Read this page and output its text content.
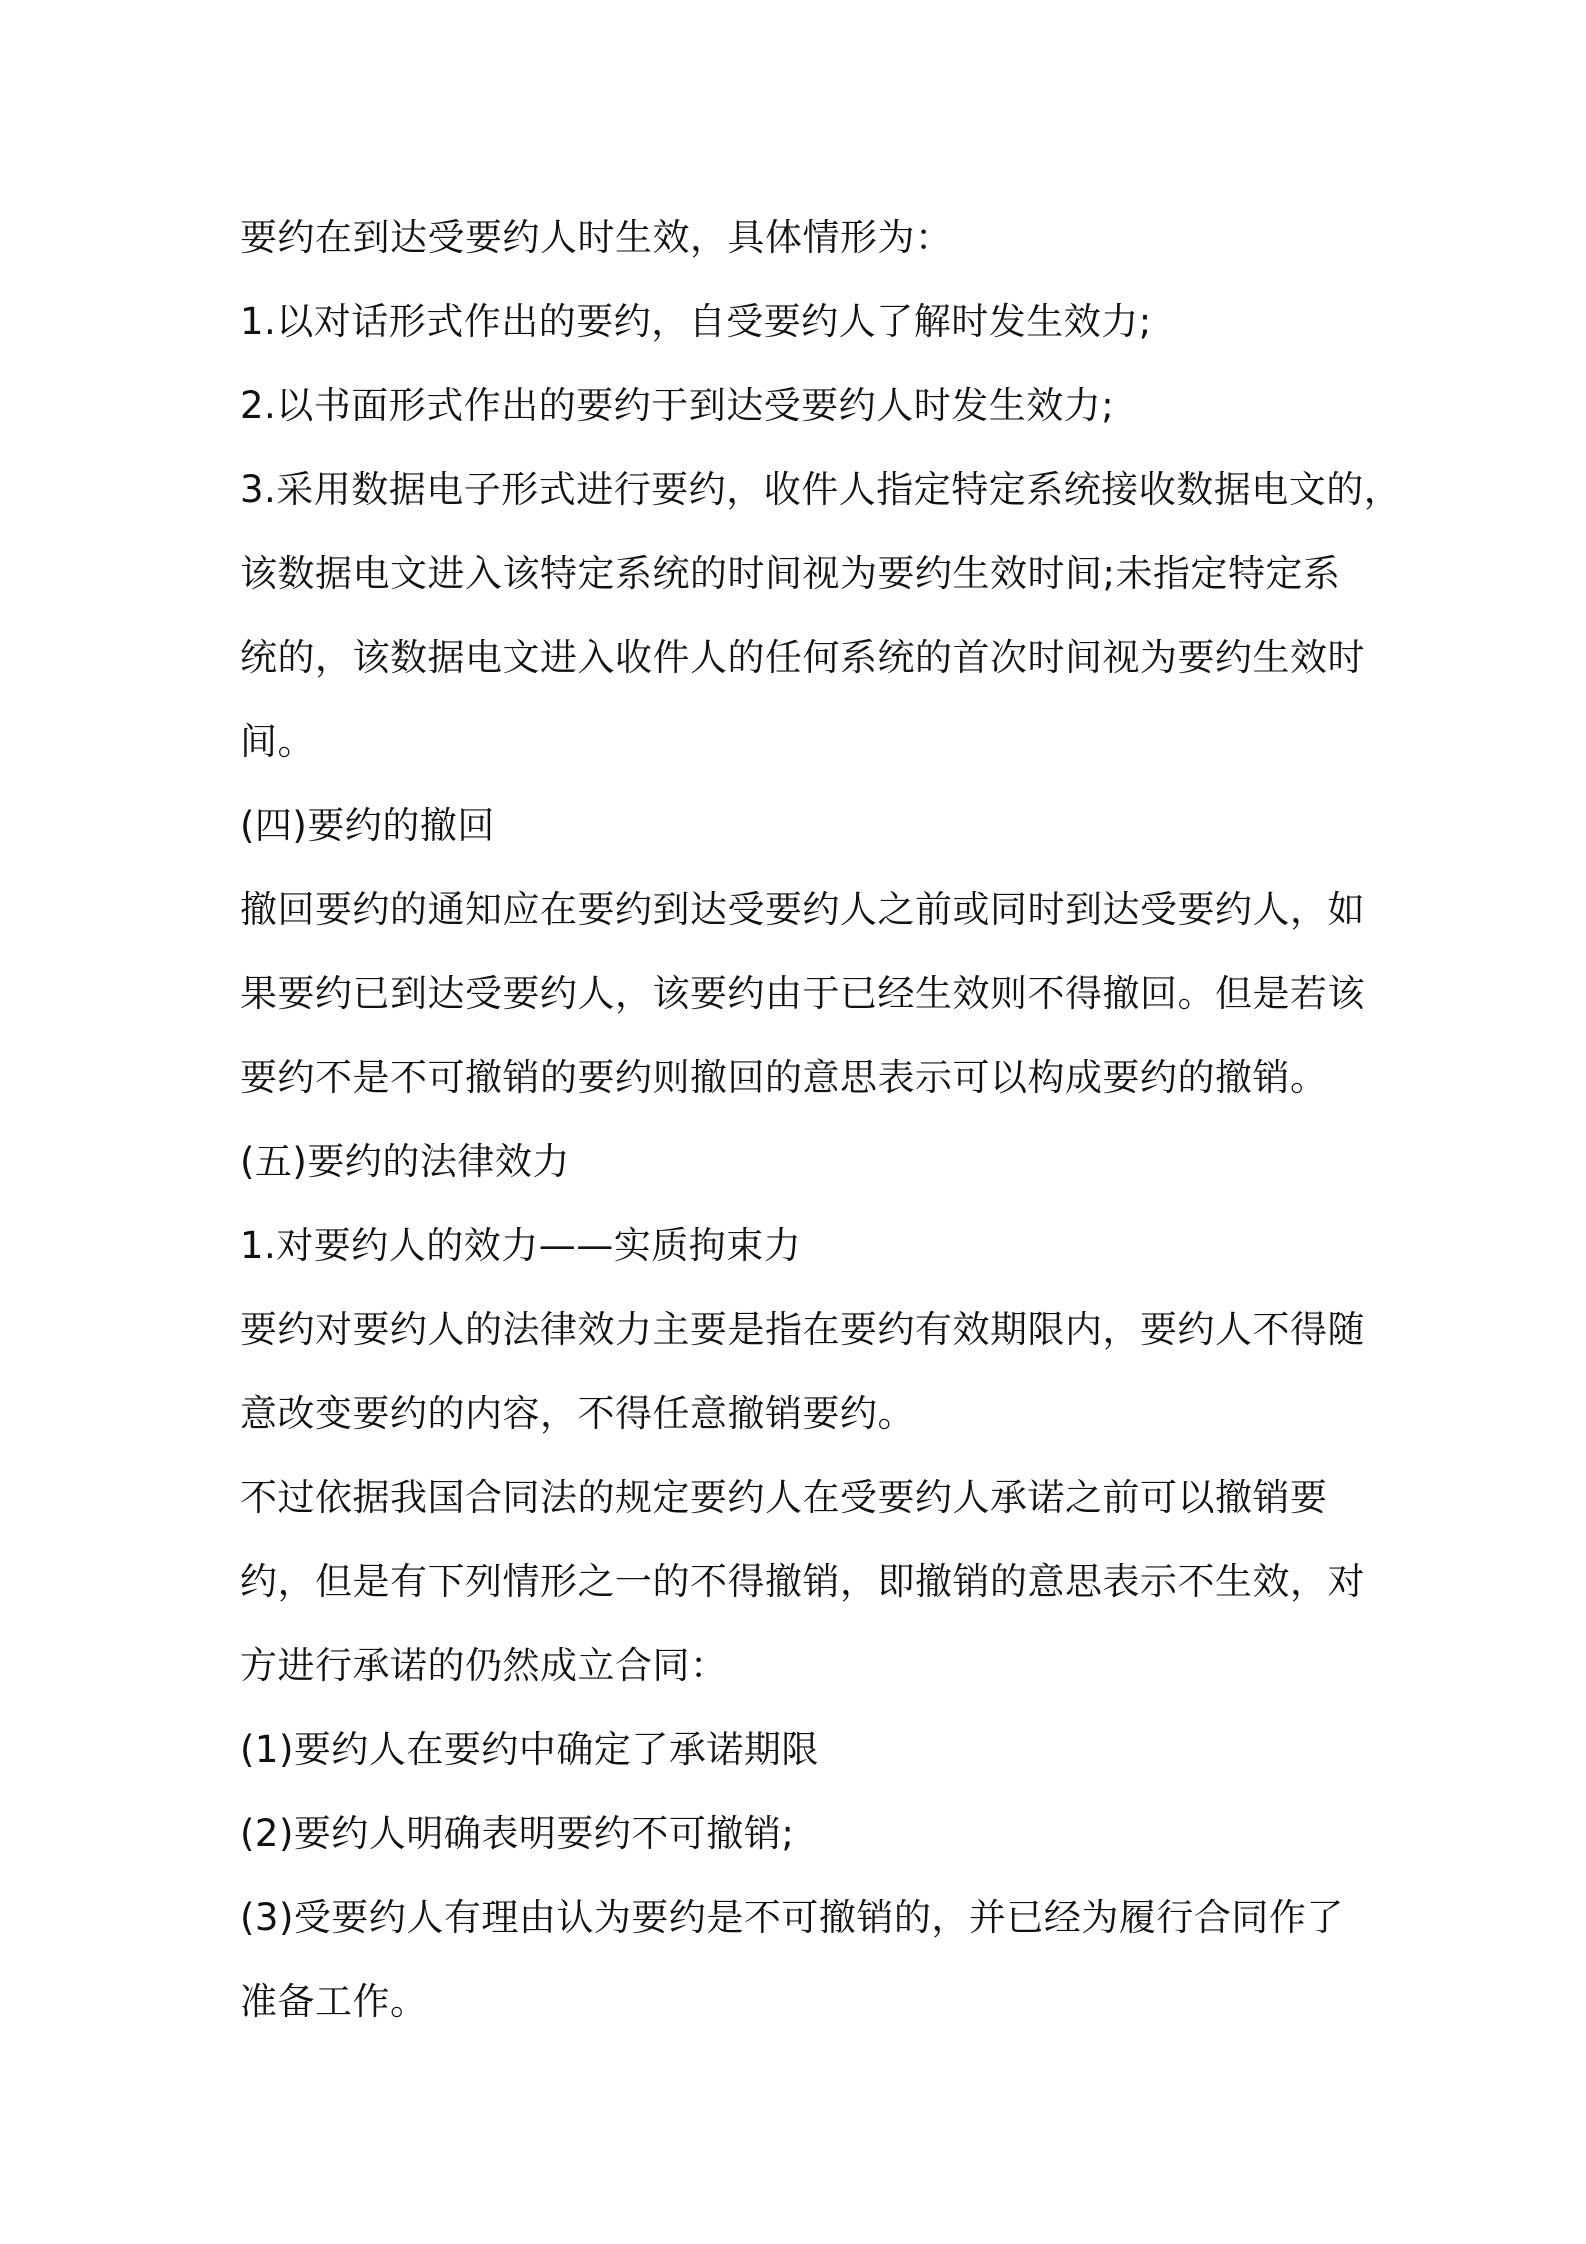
要约在到达受要约人时生效，具体情形为：
1.以对话形式作出的要约，自受要约人了解时发生效力;
2.以书面形式作出的要约于到达受要约人时发生效力;
3.采用数据电子形式进行要约，收件人指定特定系统接收数据电文的，
该数据电文进入该特定系统的时间视为要约生效时间;未指定特定系
统的，该数据电文进入收件人的任何系统的首次时间视为要约生效时
间。
(四)要约的撤回
撤回要约的通知应在要约到达受要约人之前或同时到达受要约人，如
果要约已到达受要约人，该要约由于已经生效则不得撤回。但是若该
要约不是不可撤销的要约则撤回的意思表示可以构成要约的撤销。
(五)要约的法律效力
1.对要约人的效力——实质拘束力
要约对要约人的法律效力主要是指在要约有效期限内，要约人不得随
意改变要约的内容，不得任意撤销要约。
不过依据我国合同法的规定要约人在受要约人承诺之前可以撤销要
约，但是有下列情形之一的不得撤销，即撤销的意思表示不生效，对
方进行承诺的仍然成立合同：
(1)要约人在要约中确定了承诺期限
(2)要约人明确表明要约不可撤销;
(3)受要约人有理由认为要约是不可撤销的，并已经为履行合同作了
准备工作。
